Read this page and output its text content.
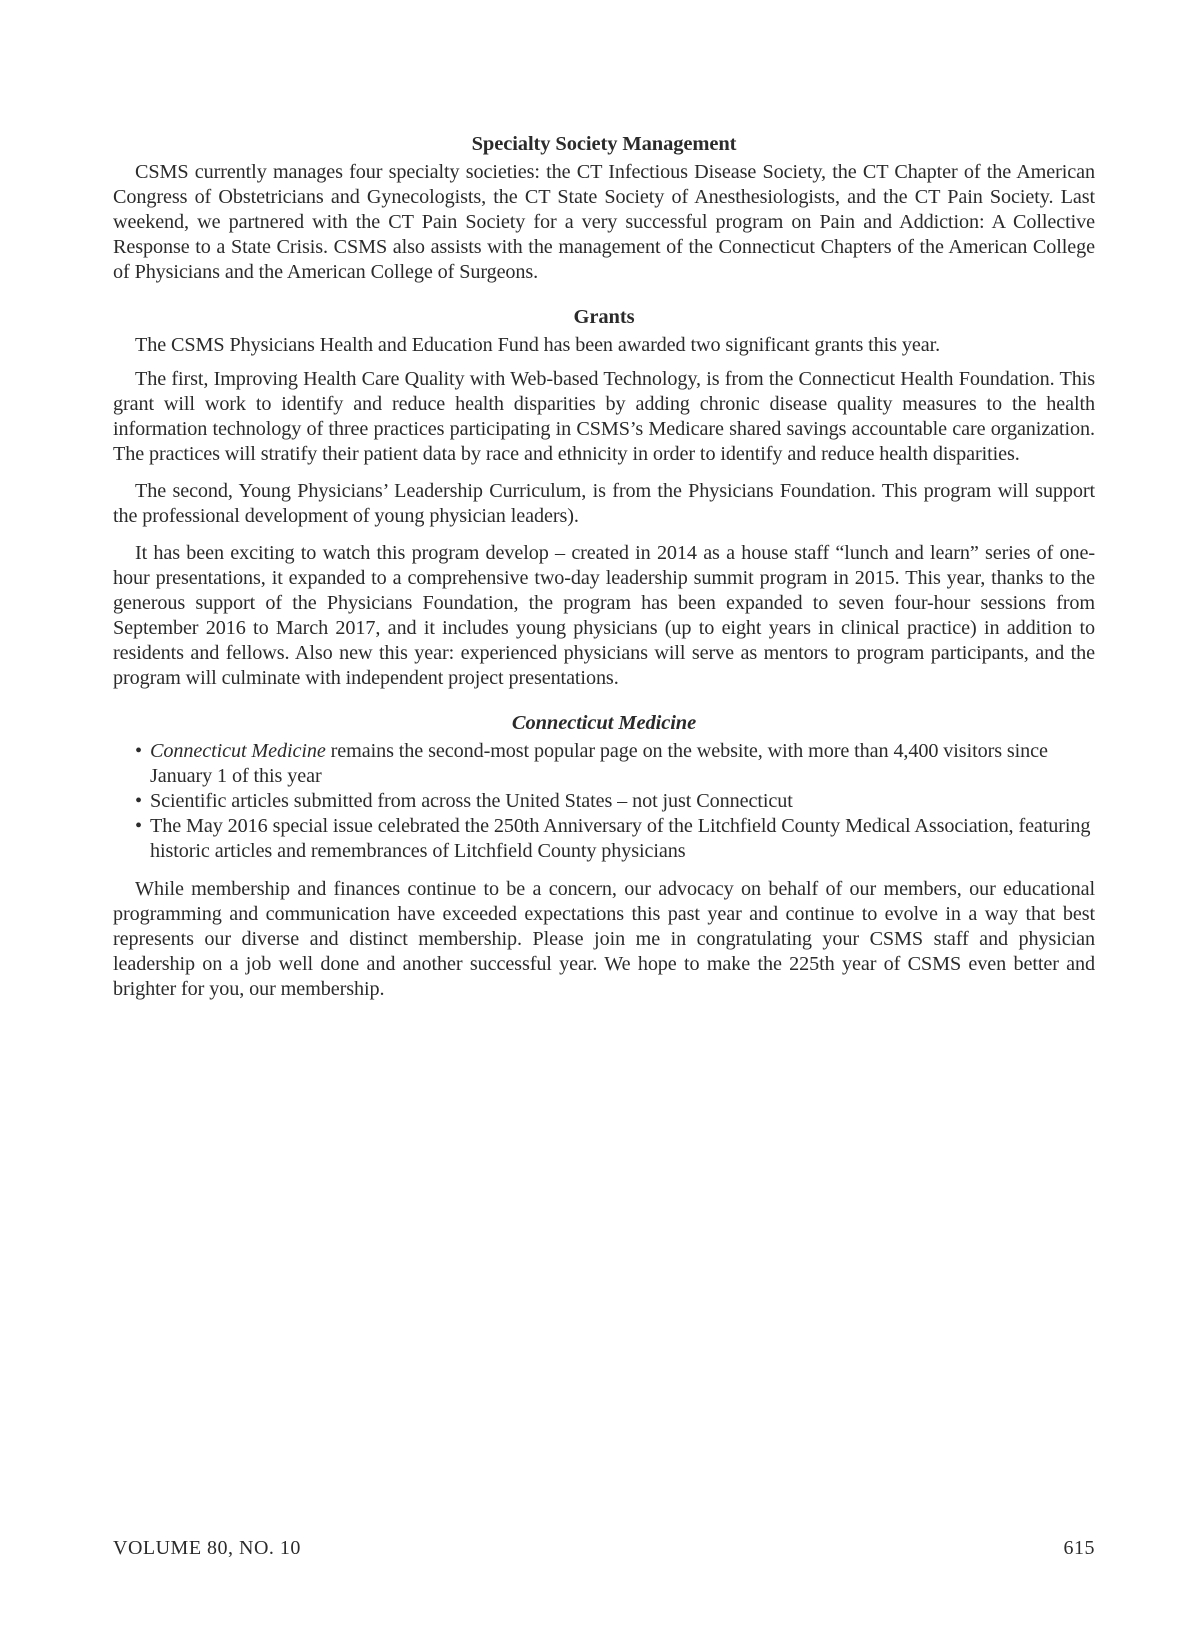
Specialty Society Management

CSMS currently manages four specialty societies: the CT Infectious Disease Society, the CT Chapter of the American Congress of Obstetricians and Gynecologists, the CT State Society of Anesthesiologists, and the CT Pain Society. Last weekend, we partnered with the CT Pain Society for a very successful program on Pain and Addiction: A Collective Response to a State Crisis. CSMS also assists with the management of the Connecticut Chapters of the American College of Physicians and the American College of Surgeons.

Grants

The CSMS Physicians Health and Education Fund has been awarded two significant grants this year.

The first, Improving Health Care Quality with Web-based Technology, is from the Connecticut Health Foundation. This grant will work to identify and reduce health disparities by adding chronic disease quality measures to the health information technology of three practices participating in CSMS’s Medicare shared savings accountable care organization. The practices will stratify their patient data by race and ethnicity in order to identify and reduce health disparities.

The second, Young Physicians’ Leadership Curriculum, is from the Physicians Foundation. This program will support the professional development of young physician leaders).

It has been exciting to watch this program develop – created in 2014 as a house staff “lunch and learn” series of one-hour presentations, it expanded to a comprehensive two-day leadership summit program in 2015. This year, thanks to the generous support of the Physicians Foundation, the program has been expanded to seven four-hour sessions from September 2016 to March 2017, and it includes young physicians (up to eight years in clinical practice) in addition to residents and fellows. Also new this year: experienced physicians will serve as mentors to program participants, and the program will culminate with independent project presentations.

Connecticut Medicine
• Connecticut Medicine remains the second-most popular page on the website, with more than 4,400 visitors since January 1 of this year
• Scientific articles submitted from across the United States – not just Connecticut
• The May 2016 special issue celebrated the 250th Anniversary of the Litchfield County Medical Association, featuring historic articles and remembrances of Litchfield County physicians

While membership and finances continue to be a concern, our advocacy on behalf of our members, our educational programming and communication have exceeded expectations this past year and continue to evolve in a way that best represents our diverse and distinct membership. Please join me in congratulating your CSMS staff and physician leadership on a job well done and another successful year. We hope to make the 225th year of CSMS even better and brighter for you, our membership.

VOLUME 80, NO. 10	615
